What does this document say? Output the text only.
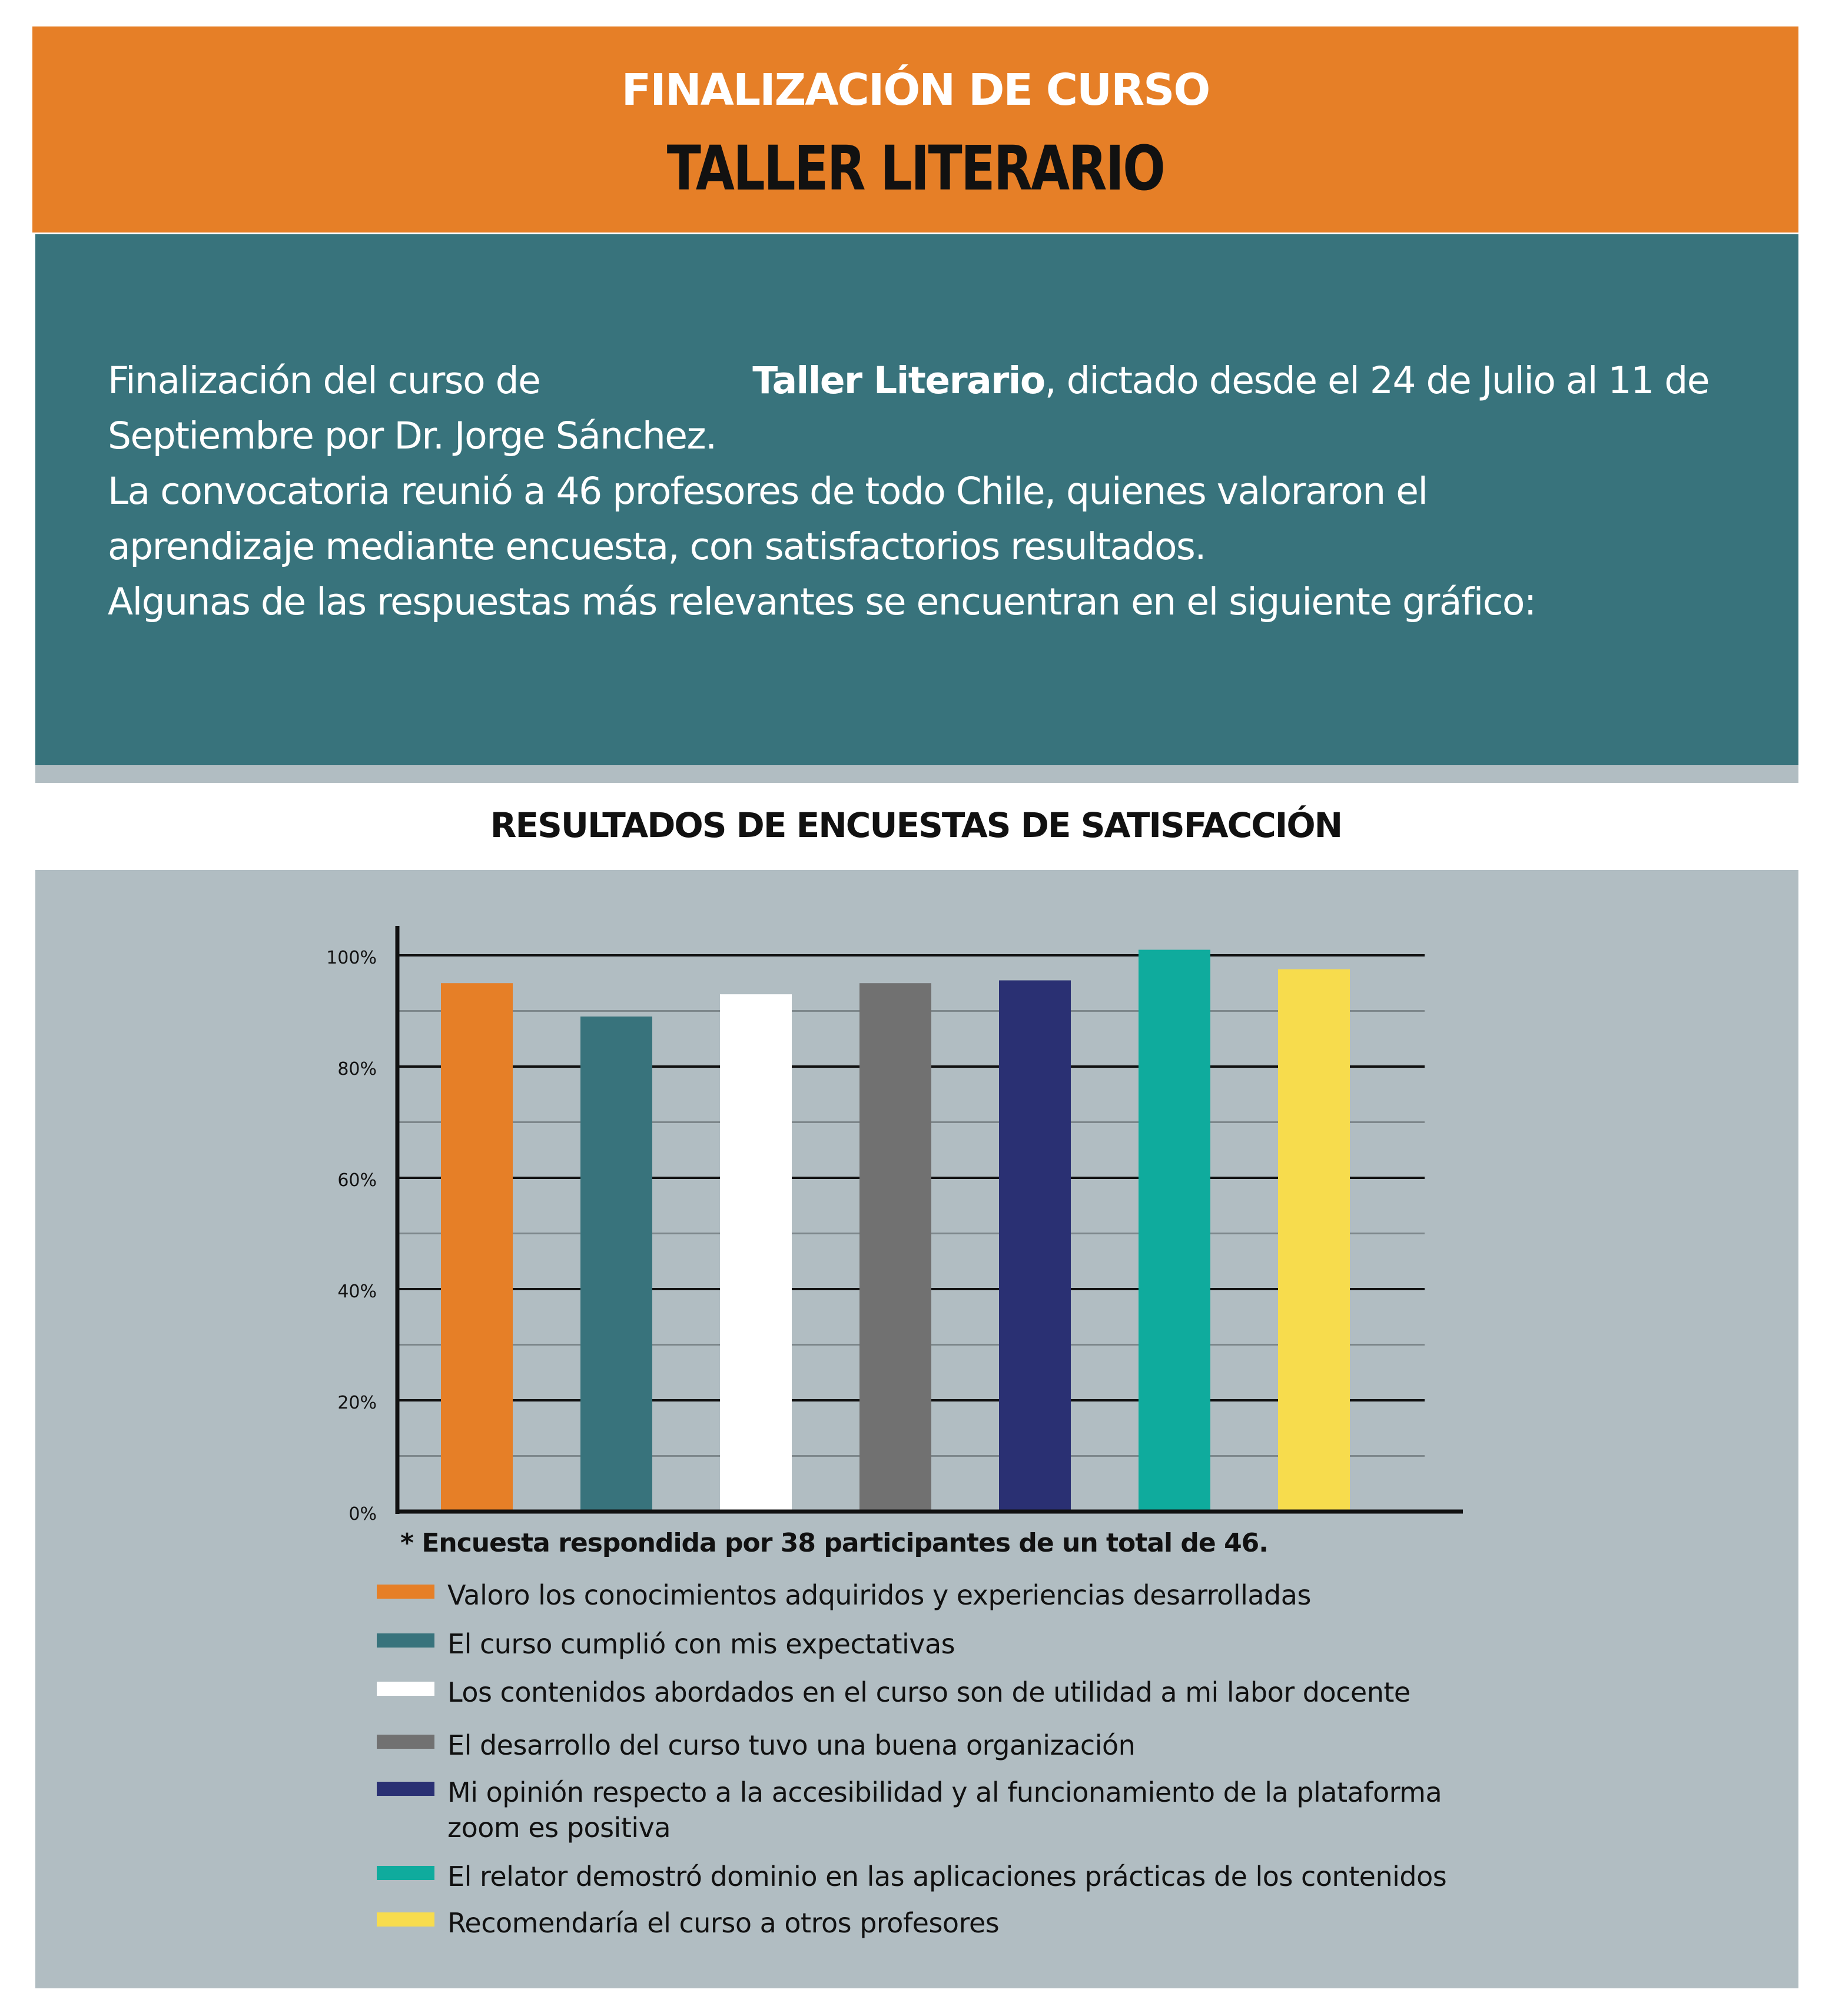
FINALIZACIÓN DE CURSO
TALLER LITERARIO
Finalización del curso de	Taller Literario, dictado desde el 24 de Julio al 11 de
Septiembre por Dr. Jorge Sánchez.
La convocatoria reunió a 46 profesores de todo Chile, quienes valoraron el
aprendizaje mediante encuesta, con satisfactorios resultados.
Algunas de las respuestas más relevantes se encuentran en el siguiente gráfico:
RESULTADOS DE ENCUESTAS DE SATISFACCIÓN
0%
20%
40%
60%
80%
100%
* Encuesta respondida por 38 participantes de un total de 46.
Valoro los conocimientos adquiridos y experiencias desarrolladas
El curso cumplió con mis expectativas
Los contenidos abordados en el curso son de utilidad a mi labor docente
El desarrollo del curso tuvo una buena organización
Mi opinión respecto a la accesibilidad y al funcionamiento de la plataforma zoom es positiva
El relator demostró dominio en las aplicaciones prácticas de los contenidos
Recomendaría el curso a otros profesores
